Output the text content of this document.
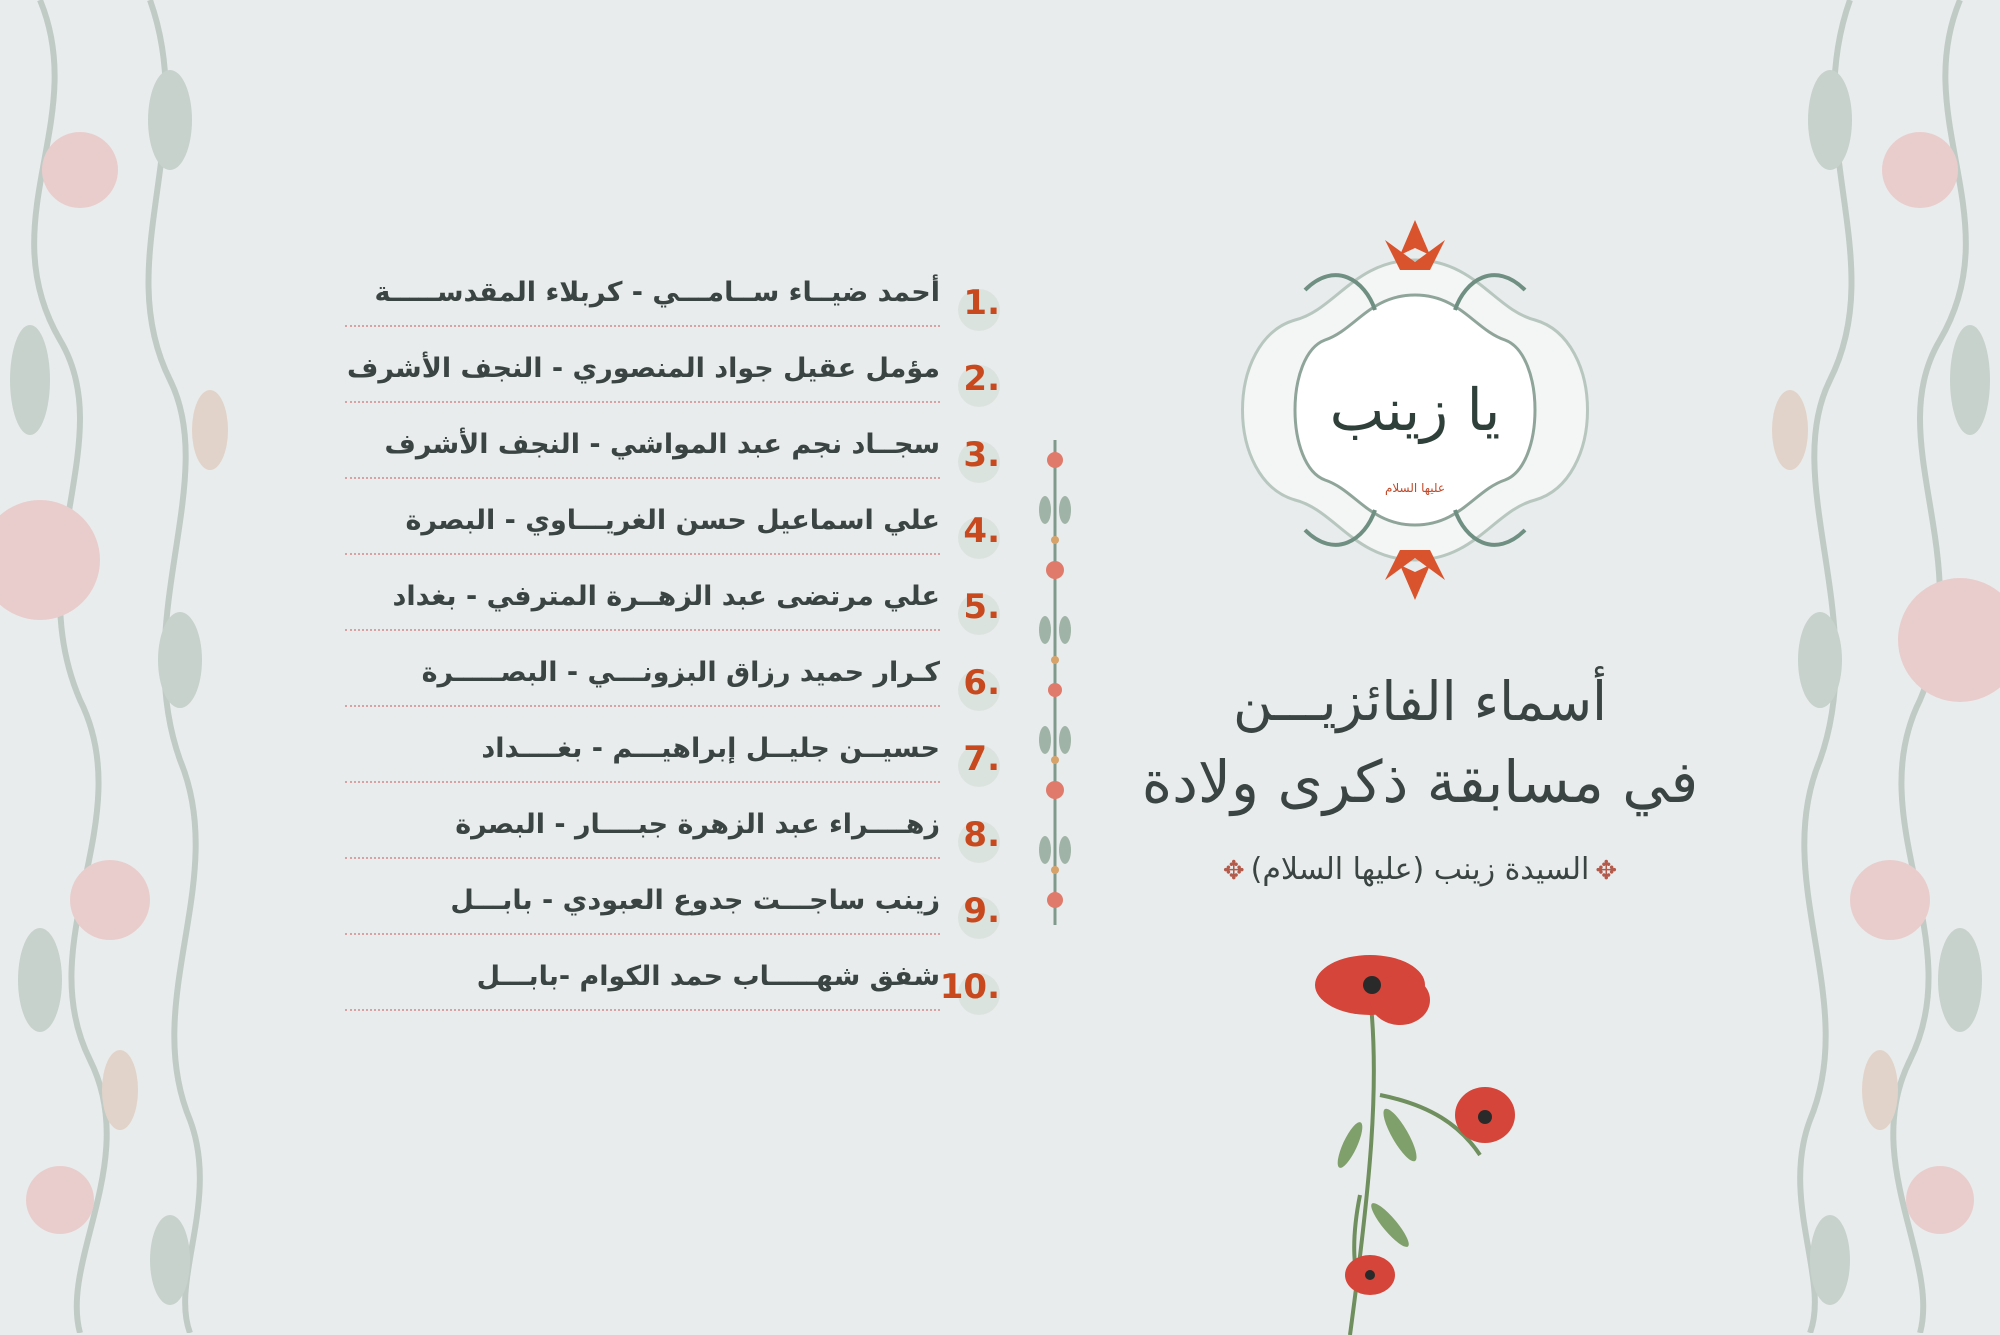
1.
أحمد ضيــاء ســامـــي - كربلاء المقدســـــة
2.
مؤمل عقيل جواد المنصوري - النجف الأشرف
3.
سجــاد نجم عبد المواشي - النجف الأشرف
4.
علي اسماعيل حسن الغريـــاوي - البصرة
5.
علي مرتضى عبد الزهــرة المترفي - بغداد
6.
كـرار حميد رزاق البزونـــي - البصـــــرة
7.
حسيــن جليــل إبراهيـــم - بغــــداد
8.
زهــــراء عبد الزهرة جبــــار - البصرة
9.
زينب ساجـــت جدوع العبودي - بابـــل
10.
شفق شهـــــاب حمد الكوام -بابـــل
يا زينب
عليها السلام
أسماء الفائزيـــن
في مسابقة ذكرى ولادة
✥السيدة زينب (عليها السلام)✥
